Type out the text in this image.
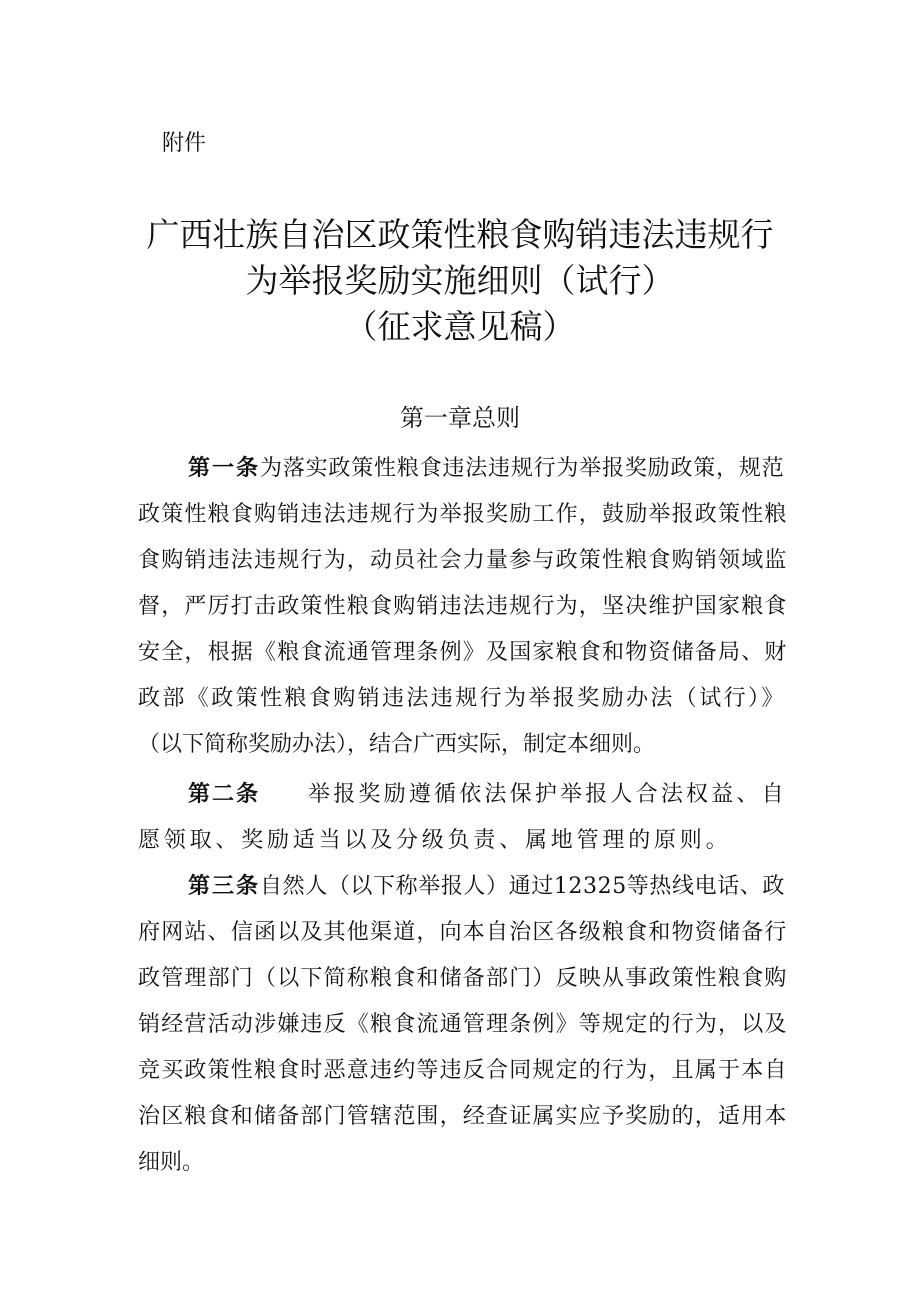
附件
广西壮族自治区政策性粮食购销违法违规行
为举报奖励实施细则（试行）
（征求意见稿）
第一章总则
第一条为落实政策性粮食违法违规行为举报奖励政策，规范
政策性粮食购销违法违规行为举报奖励工作，鼓励举报政策性粮
食购销违法违规行为，动员社会力量参与政策性粮食购销领域监
督，严厉打击政策性粮食购销违法违规行为，坚决维护国家粮食
安全，根据《粮食流通管理条例》及国家粮食和物资储备局、财
政部《政策性粮食购销违法违规行为举报奖励办法（试行）》
（以下简称奖励办法），结合广西实际，制定本细则。
第二条 举报奖励遵循依法保护举报人合法权益、自
愿领取、奖励适当以及分级负责、属地管理的原则。
第三条自然人（以下称举报人）通过12325等热线电话、政
府网站、信函以及其他渠道，向本自治区各级粮食和物资储备行
政管理部门（以下简称粮食和储备部门）反映从事政策性粮食购
销经营活动涉嫌违反《粮食流通管理条例》等规定的行为，以及
竞买政策性粮食时恶意违约等违反合同规定的行为，且属于本自
治区粮食和储备部门管辖范围，经查证属实应予奖励的，适用本
细则。
